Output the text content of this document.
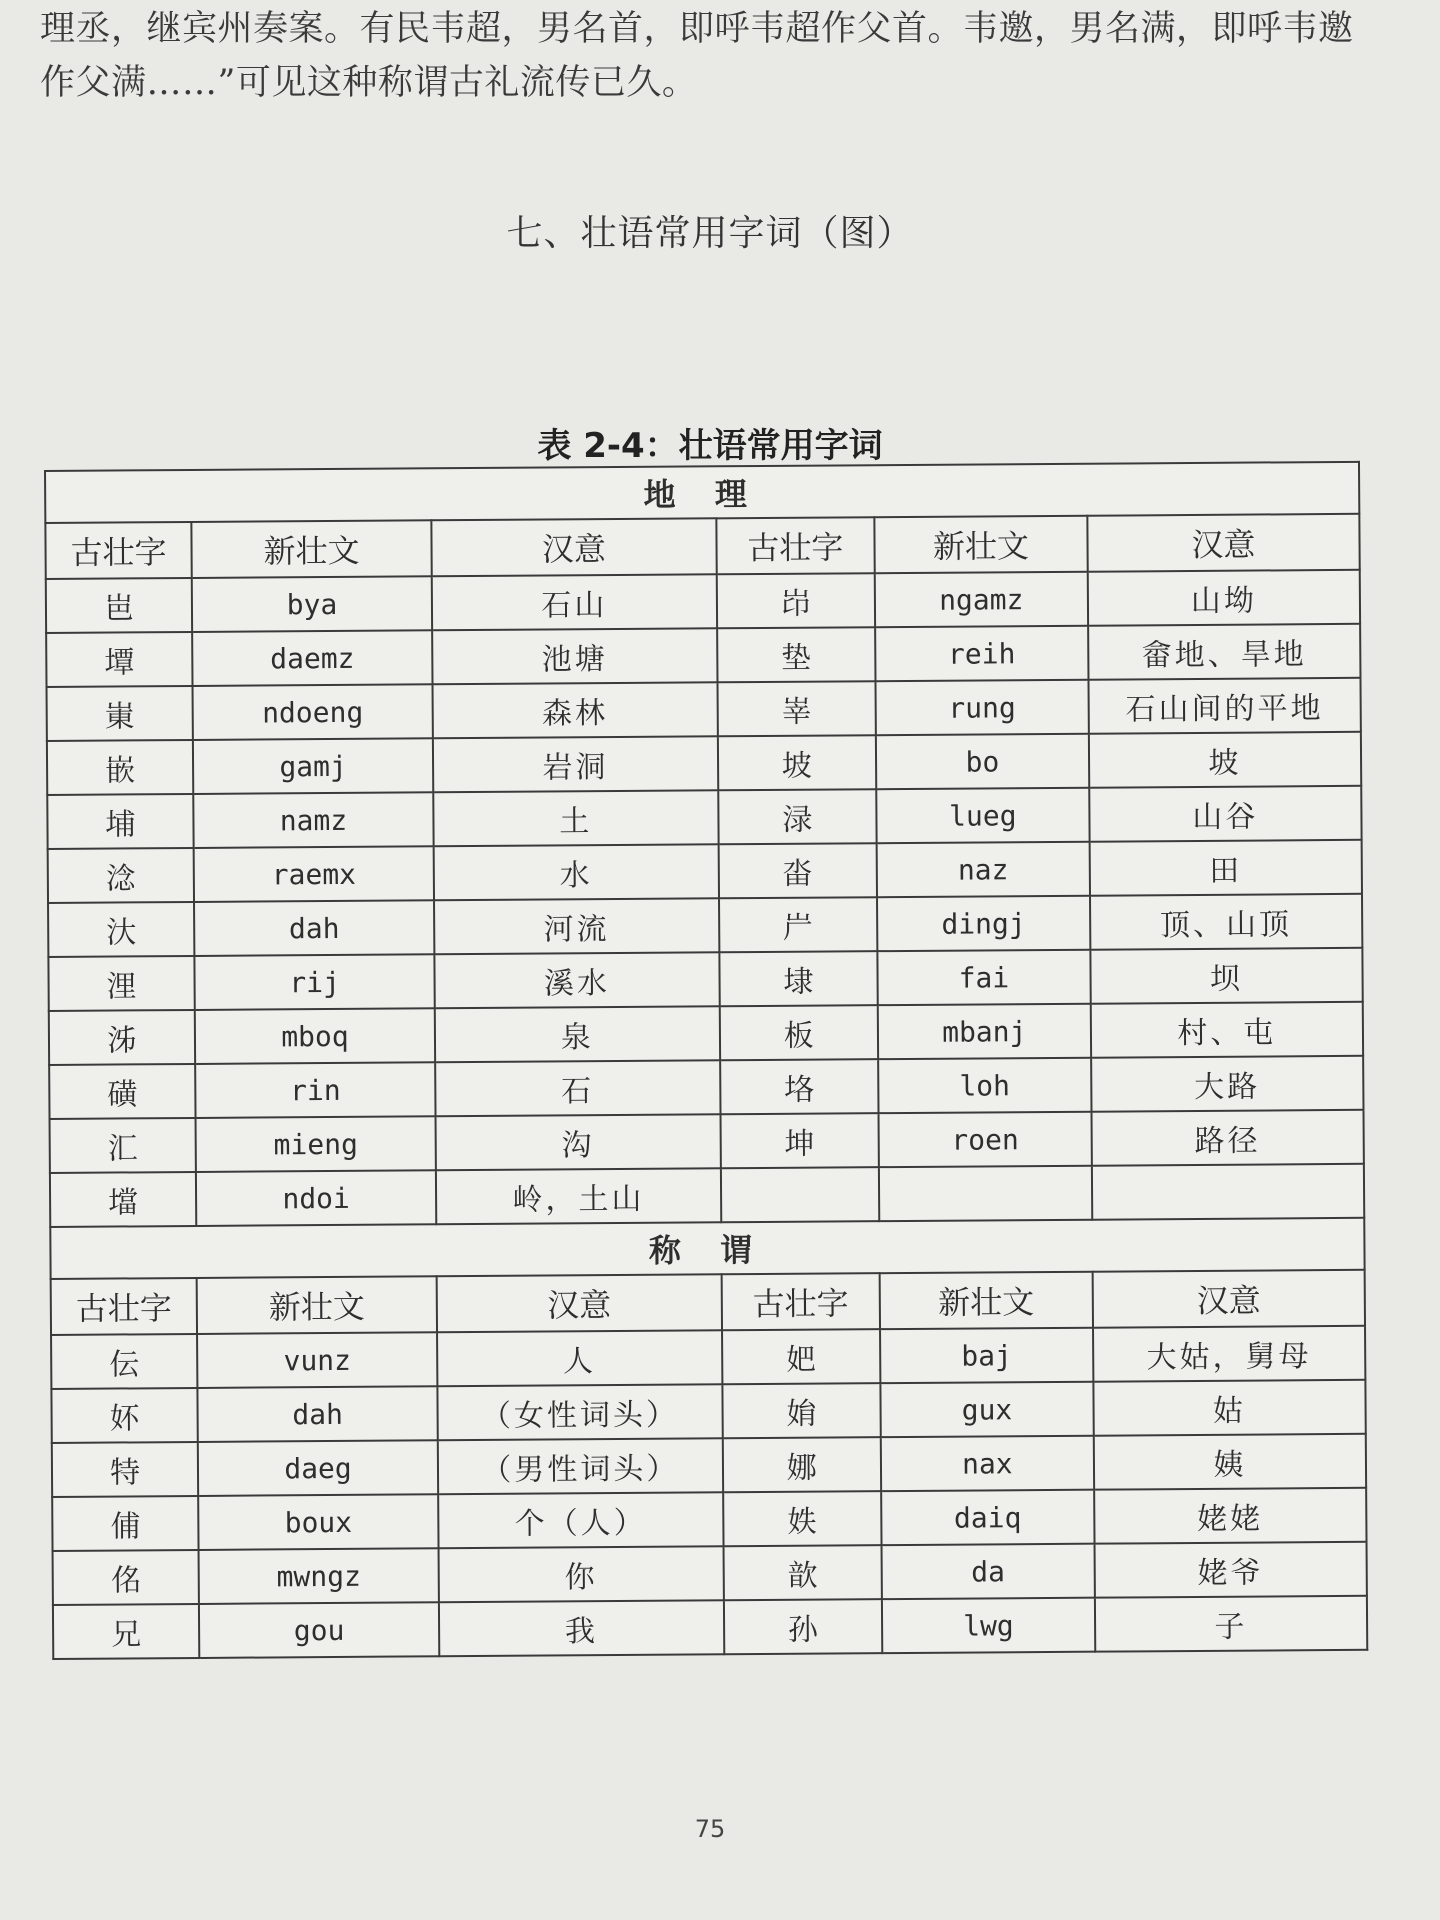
理丞，继宾州奏案。有民韦超，男名首，即呼韦超作父首。韦邀，男名满，即呼韦邀

作父满……”可见这种称谓古礼流传已久。

七、壮语常用字词（图）
表 2-4：壮语常用字词
地 理					
古壮字	新壮文	汉意	古壮字	新壮文	汉意
岜	bya	石山	岇	ngamz	山坳
墰	daemz	池塘	垫	reih	畲地、旱地
崬	ndoeng	森林	峷	rung	石山间的平地
嵌	gamj	岩洞	坡	bo	坡
埔	namz	土	渌	lueg	山谷
淰	raemx	水	畓	naz	田
汏	dah	河流	屵	dingj	顶、山顶
浬	rij	溪水	埭	fai	坝
泲	mboq	泉	板	mbanj	村、屯
磺	rin	石	垎	loh	大路
汇	mieng	沟	坤	roen	路径
壋	ndoi	岭，土山			
称 谓					
古壮字	新壮文	汉意	古壮字	新壮文	汉意
伝	vunz	人	妑	baj	大姑，舅母
妚	dah	（女性词头）	姢	gux	姑
特	daeg	（男性词头）	娜	nax	姨
俌	boux	个（人）	妷	daiq	姥姥
佲	mwngz	你	歆	da	姥爷
兄	gou	我	孙	lwg	子
75
